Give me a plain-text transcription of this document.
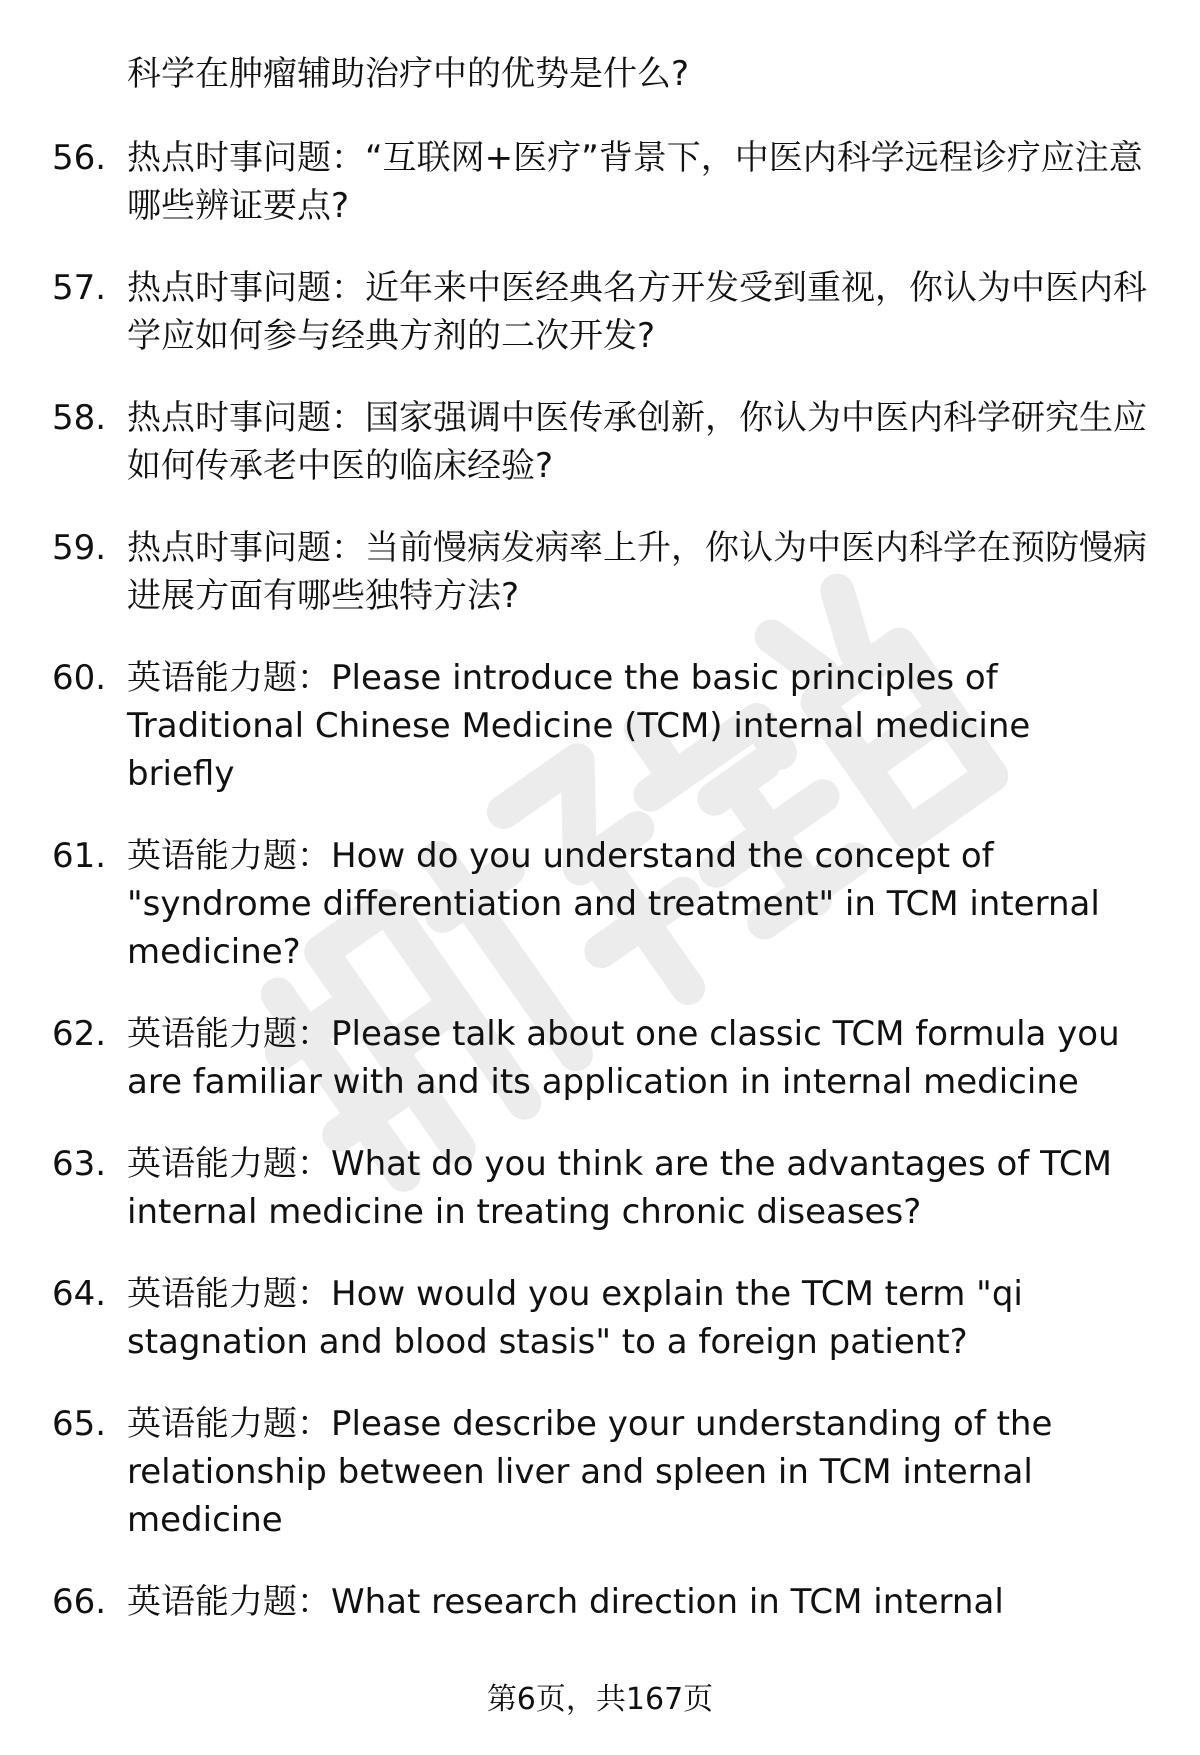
科学在肿瘤辅助治疗中的优势是什么?
56. 热点时事问题：“互联网+医疗”背景下，中医内科学远程诊疗应注意哪些辨证要点?
57. 热点时事问题：近年来中医经典名方开发受到重视，你认为中医内科学应如何参与经典方剂的二次开发?
58. 热点时事问题：国家强调中医传承创新，你认为中医内科学研究生应如何传承老中医的临床经验?
59. 热点时事问题：当前慢病发病率上升，你认为中医内科学在预防慢病进展方面有哪些独特方法?
60. 英语能力题：Please introduce the basic principles of Traditional Chinese Medicine (TCM) internal medicine briefly
61. 英语能力题：How do you understand the concept of "syndrome differentiation and treatment" in TCM internal medicine?
62. 英语能力题：Please talk about one classic TCM formula you are familiar with and its application in internal medicine
63. 英语能力题：What do you think are the advantages of TCM internal medicine in treating chronic diseases?
64. 英语能力题：How would you explain the TCM term "qi stagnation and blood stasis" to a foreign patient?
65. 英语能力题：Please describe your understanding of the relationship between liver and spleen in TCM internal medicine
66. 英语能力题：What research direction in TCM internal
第6页，共167页
